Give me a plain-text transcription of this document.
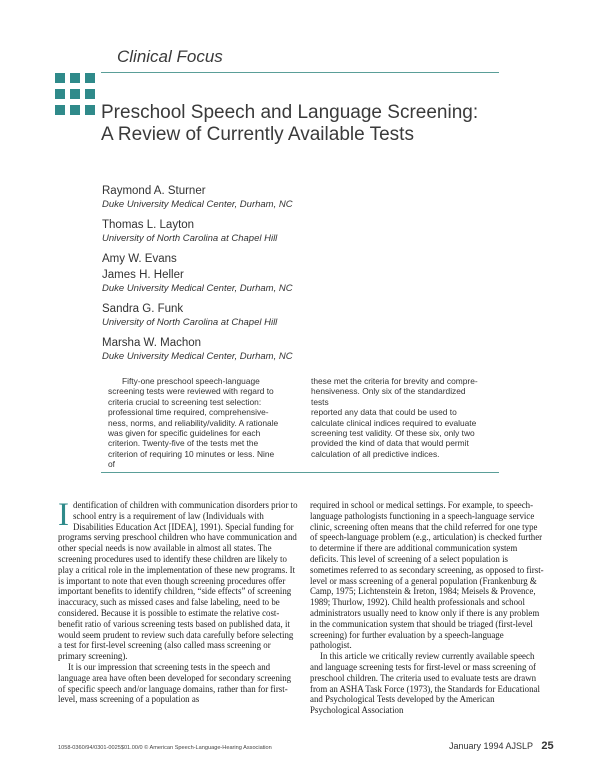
Clinical Focus
Preschool Speech and Language Screening:
A Review of Currently Available Tests
Raymond A. Sturner
Duke University Medical Center, Durham, NC
Thomas L. Layton
University of North Carolina at Chapel Hill
Amy W. Evans
James H. Heller
Duke University Medical Center, Durham, NC
Sandra G. Funk
University of North Carolina at Chapel Hill
Marsha W. Machon
Duke University Medical Center, Durham, NC
Fifty-one preschool speech-language
screening tests were reviewed with regard to
criteria crucial to screening test selection:
professional time required, comprehensive-
ness, norms, and reliability/validity. A rationale
was given for specific guidelines for each
criterion. Twenty-five of the tests met the
criterion of requiring 10 minutes or less. Nine of
these met the criteria for brevity and compre-
hensiveness. Only six of the standardized tests
reported any data that could be used to
calculate clinical indices required to evaluate
screening test validity. Of these six, only two
provided the kind of data that would permit
calculation of all predictive indices.
I dentification of children with communication disorders prior to school entry is a requirement of law (Individuals with Disabilities Education Act [IDEA], 1991). Special funding for programs serving preschool children who have communication and other special needs is now available in almost all states. The screening procedures used to identify these children are likely to play a critical role in the implementation of these new programs. It is important to note that even though screening procedures offer important benefits to identify children, “side effects” of screening inaccuracy, such as missed cases and false labeling, need to be considered. Because it is possible to estimate the relative cost-benefit ratio of various screening tests based on published data, it would seem prudent to review such data carefully before selecting a test for first-level screening (also called mass screening or primary screening).

It is our impression that screening tests in the speech and language area have often been developed for secondary screening of specific speech and/or language domains, rather than for first-level, mass screening of a population as

required in school or medical settings. For example, to speech-language pathologists functioning in a speech-language service clinic, screening often means that the child referred for one type of speech-language problem (e.g., articulation) is checked further to determine if there are additional communication system deficits. This level of screening of a select population is sometimes referred to as secondary screening, as opposed to first-level or mass screening of a general population (Frankenburg & Camp, 1975; Lichtenstein & Ireton, 1984; Meisels & Provence, 1989; Thurlow, 1992). Child health professionals and school administrators usually need to know only if there is any problem in the communication system that should be triaged (first-level screening) for further evaluation by a speech-language pathologist.

In this article we critically review currently available speech and language screening tests for first-level or mass screening of preschool children. The criteria used to evaluate tests are drawn from an ASHA Task Force (1973), the Standards for Educational and Psychological Tests developed by the American Psychological Association

1058-0360/94/0301-0025$01.00/0 © American Speech-Language-Hearing Association	January 1994 AJSLP 25
